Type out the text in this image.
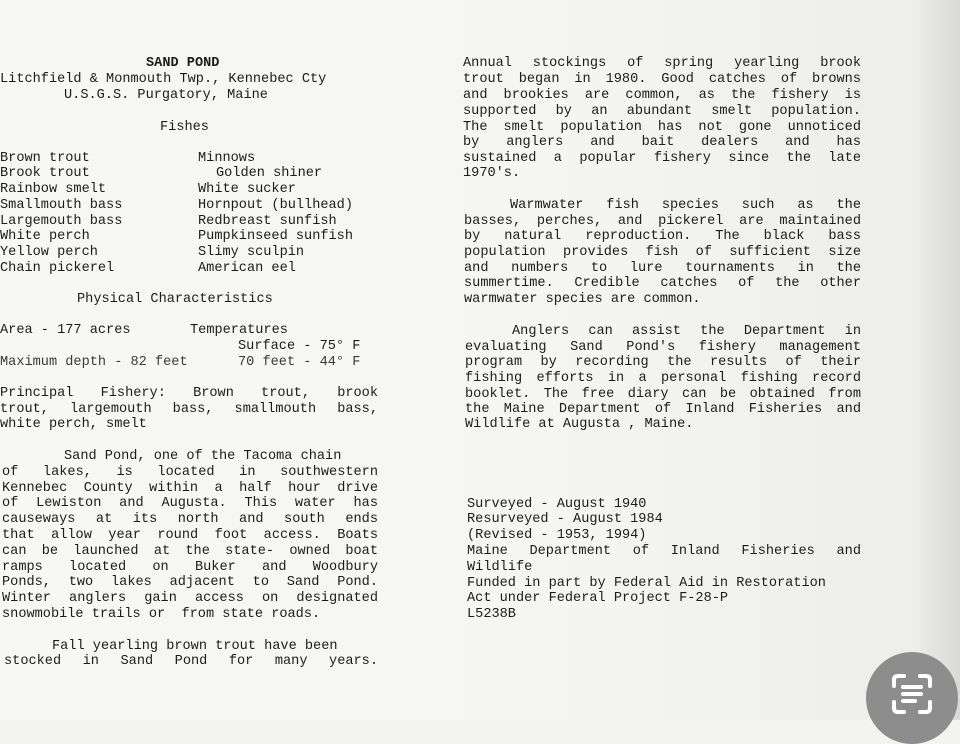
SAND POND
Litchfield & Monmouth Twp., Kennebec Cty
U.S.G.S. Purgatory, Maine
Fishes
Brown trout
Brook trout
Rainbow smelt
Smallmouth bass
Largemouth bass
White perch
Yellow perch
Chain pickerel
Minnows
Golden shiner
White sucker
Hornpout (bullhead)
Redbreast sunfish
Pumpkinseed sunfish
Slimy sculpin
American eel
Physical Characteristics
Area - 177 acres	Temperatures
Surface - 75° F
Maximum depth - 82 feet	70 feet - 44° F
Principal Fishery: Brown trout, brook
trout, largemouth bass, smallmouth bass,
white perch, smelt
Sand Pond, one of the Tacoma chain
of lakes, is located in southwestern
Kennebec County within a half hour drive
of Lewiston and Augusta. This water has
causeways at its north and south ends
that allow year round foot access. Boats
can be launched at the state- owned boat
ramps located on Buker and Woodbury
Ponds, two lakes adjacent to Sand Pond.
Winter anglers gain access on designated
snowmobile trails or  from state roads.
Fall yearling brown trout have been
stocked in Sand Pond for many years.
Annual stockings of spring yearling brook
trout began in 1980. Good catches of browns
and brookies are common, as the fishery is
supported by an abundant smelt population.
The smelt population has not gone unnoticed
by anglers and bait dealers and has
sustained a popular fishery since the late
1970's.
Warmwater fish species such as the
basses, perches, and pickerel are maintained
by natural reproduction. The black bass
population provides fish of sufficient size
and numbers to lure tournaments in the
summertime. Credible catches of the other
warmwater species are common.
Anglers can assist the Department in
evaluating Sand Pond's fishery management
program by recording the results of their
fishing efforts in a personal fishing record
booklet. The free diary can be obtained from
the Maine Department of Inland Fisheries and
Wildlife at Augusta , Maine.
Surveyed - August 1940
Resurveyed - August 1984
(Revised - 1953, 1994)
Maine Department of Inland Fisheries and
Wildlife
Funded in part by Federal Aid in Restoration
Act under Federal Project F-28-P
L5238B
